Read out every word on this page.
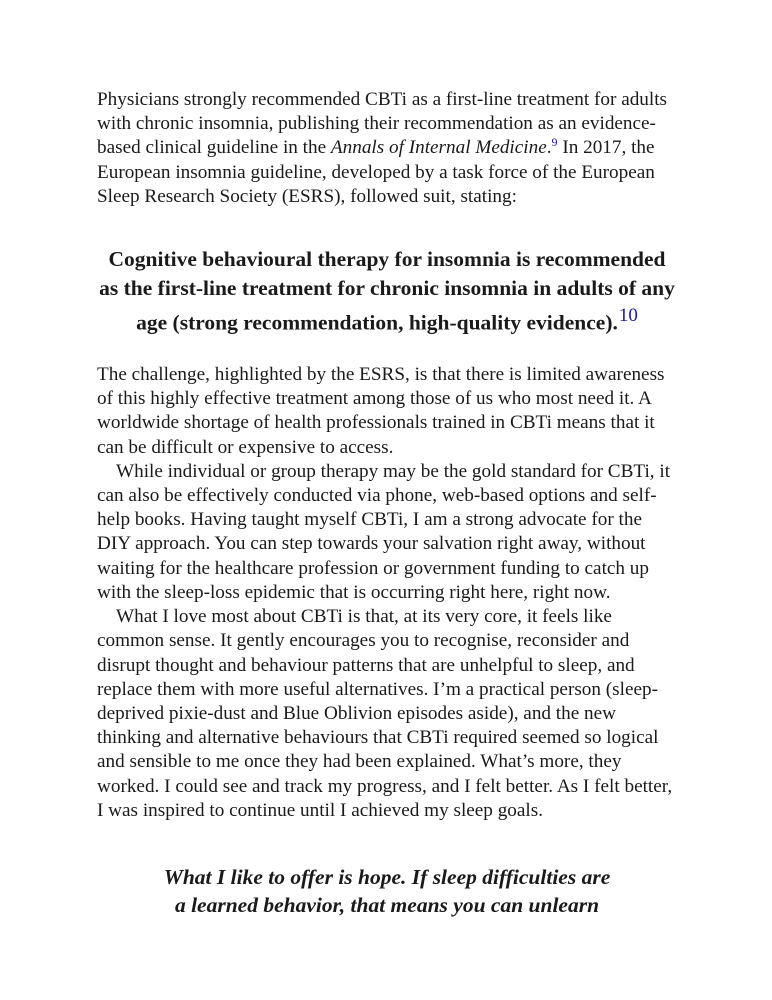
Physicians strongly recommended CBTi as a first-line treatment for adults with chronic insomnia, publishing their recommendation as an evidence-based clinical guideline in the Annals of Internal Medicine.$^9$ In 2017, the European insomnia guideline, developed by a task force of the European Sleep Research Society (ESRS), followed suit, stating:

Cognitive behavioural therapy for insomnia is recommended as the first-line treatment for chronic insomnia in adults of any age (strong recommendation, high-quality evidence).10

The challenge, highlighted by the ESRS, is that there is limited awareness of this highly effective treatment among those of us who most need it. A worldwide shortage of health professionals trained in CBTi means that it can be difficult or expensive to access.

While individual or group therapy may be the gold standard for CBTi, it can also be effectively conducted via phone, web-based options and self-help books. Having taught myself CBTi, I am a strong advocate for the DIY approach. You can step towards your salvation right away, without waiting for the healthcare profession or government funding to catch up with the sleep-loss epidemic that is occurring right here, right now.

What I love most about CBTi is that, at its very core, it feels like common sense. It gently encourages you to recognise, reconsider and disrupt thought and behaviour patterns that are unhelpful to sleep, and replace them with more useful alternatives. I’m a practical person (sleep-deprived pixie-dust and Blue Oblivion episodes aside), and the new thinking and alternative behaviours that CBTi required seemed so logical and sensible to me once they had been explained. What’s more, they worked. I could see and track my progress, and I felt better. As I felt better, I was inspired to continue until I achieved my sleep goals.

What I like to offer is hope. If sleep difficulties are
a learned behavior, that means you can unlearn
